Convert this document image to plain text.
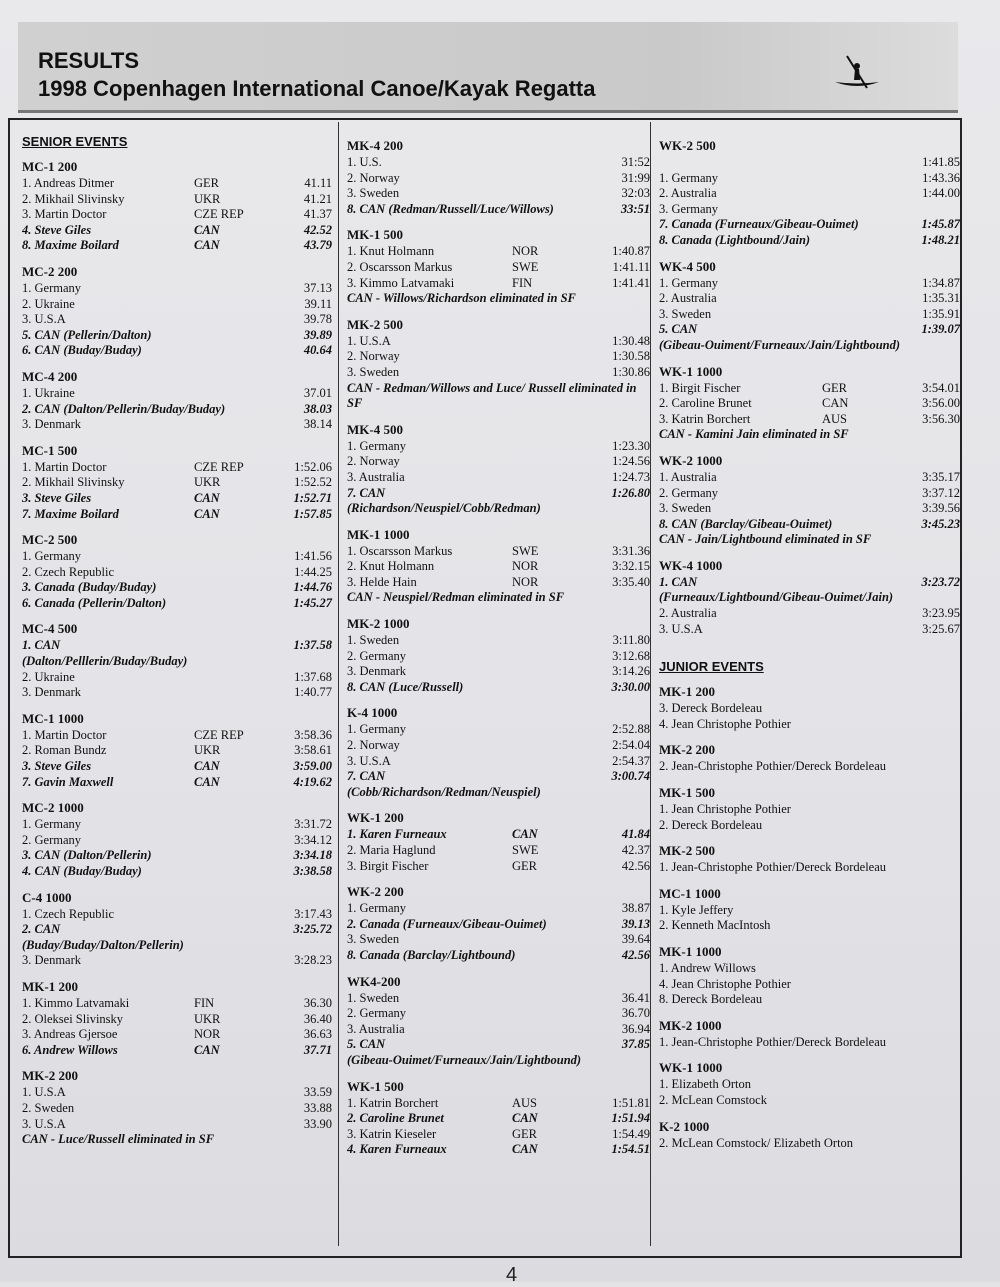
RESULTS
1998 Copenhagen International Canoe/Kayak Regatta
SENIOR EVENTS
MC-1 200
1. Andreas Ditmer	GER	41.11
2. Mikhail Slivinsky	UKR	41.21
3. Martin Doctor	CZE REP	41.37
4. Steve Giles	CAN	42.52
8. Maxime Boilard	CAN	43.79
MC-2 200
1. Germany	37.13
2. Ukraine	39.11
3. U.S.A	39.78
5. CAN (Pellerin/Dalton)	39.89
6. CAN (Buday/Buday)	40.64
MC-4 200
1. Ukraine	37.01
2. CAN (Dalton/Pellerin/Buday/Buday)	38.03
3. Denmark	38.14
MC-1 500
1. Martin Doctor	CZE REP	1:52.06
2. Mikhail Slivinsky	UKR	1:52.52
3. Steve Giles	CAN	1:52.71
7. Maxime Boilard	CAN	1:57.85
MC-2 500
1. Germany	1:41.56
2. Czech Republic	1:44.25
3. Canada (Buday/Buday)	1:44.76
6. Canada (Pellerin/Dalton)	1:45.27
MC-4 500
1. CAN	1:37.58
(Dalton/Pelllerin/Buday/Buday)
2. Ukraine	1:37.68
3. Denmark	1:40.77
MC-1 1000
1. Martin Doctor	CZE REP	3:58.36
2. Roman Bundz	UKR	3:58.61
3. Steve Giles	CAN	3:59.00
7. Gavin Maxwell	CAN	4:19.62
MC-2 1000
1. Germany	3:31.72
2. Germany	3:34.12
3. CAN (Dalton/Pellerin)	3:34.18
4. CAN (Buday/Buday)	3:38.58
C-4 1000
1. Czech Republic	3:17.43
2. CAN	3:25.72
(Buday/Buday/Dalton/Pellerin)
3. Denmark	3:28.23
MK-1 200
1. Kimmo Latvamaki	FIN	36.30
2. Oleksei Slivinsky	UKR	36.40
3. Andreas Gjersoe	NOR	36.63
6. Andrew Willows	CAN	37.71
MK-2 200
1. U.S.A	33.59
2. Sweden	33.88
3. U.S.A	33.90
CAN - Luce/Russell eliminated in SF
MK-4 200
1. U.S.	31:52
2. Norway	31:99
3. Sweden	32:03
8. CAN (Redman/Russell/Luce/Willows)	33:51
MK-1 500
1. Knut Holmann	NOR	1:40.87
2. Oscarsson Markus	SWE	1:41.11
3. Kimmo Latvamaki	FIN	1:41.41
CAN - Willows/Richardson eliminated in SF
MK-2 500
1. U.S.A	1:30.48
2. Norway	1:30.58
3. Sweden	1:30.86
CAN - Redman/Willows and Luce/ Russell eliminated in SF
MK-4 500
1. Germany	1:23.30
2. Norway	1:24.56
3. Australia	1:24.73
7. CAN	1:26.80
(Richardson/Neuspiel/Cobb/Redman)
MK-1 1000
1. Oscarsson Markus	SWE	3:31.36
2. Knut Holmann	NOR	3:32.15
3. Helde Hain	NOR	3:35.40
CAN - Neuspiel/Redman eliminated in SF
MK-2 1000
1. Sweden	3:11.80
2. Germany	3:12.68
3. Denmark	3:14.26
8. CAN (Luce/Russell)	3:30.00
K-4 1000
1. Germany	2:52.88
2. Norway	2:54.04
3. U.S.A	2:54.37
7. CAN	3:00.74
(Cobb/Richardson/Redman/Neuspiel)
WK-1 200
1. Karen Furneaux	CAN	41.84
2. Maria Haglund	SWE	42.37
3. Birgit Fischer	GER	42.56
WK-2 200
1. Germany	38.87
2. Canada (Furneaux/Gibeau-Ouimet)	39.13
3. Sweden	39.64
8. Canada (Barclay/Lightbound)	42.56
WK4-200
1. Sweden	36.41
2. Germany	36.70
3. Australia	36.94
5. CAN	37.85
(Gibeau-Ouimet/Furneaux/Jain/Lightbound)
WK-1 500
1. Katrin Borchert	AUS	1:51.81
2. Caroline Brunet	CAN	1:51.94
3. Katrin Kieseler	GER	1:54.49
4. Karen Furneaux	CAN	1:54.51
WK-2 500
1:41.85
1. Germany	1:43.36
2. Australia	1:44.00
3. Germany
7. Canada (Furneaux/Gibeau-Ouimet)	1:45.87
8. Canada (Lightbound/Jain)	1:48.21
WK-4 500
1. Germany	1:34.87
2. Australia	1:35.31
3. Sweden	1:35.91
5. CAN	1:39.07
(Gibeau-Ouiment/Furneaux/Jain/Lightbound)
WK-1 1000
1. Birgit Fischer	GER	3:54.01
2. Caroline Brunet	CAN	3:56.00
3. Katrin Borchert	AUS	3:56.30
CAN - Kamini Jain eliminated in SF
WK-2 1000
1. Australia	3:35.17
2. Germany	3:37.12
3. Sweden	3:39.56
8. CAN (Barclay/Gibeau-Ouimet)	3:45.23
CAN - Jain/Lightbound eliminated in SF
WK-4 1000
1. CAN	3:23.72
(Furneaux/Lightbound/Gibeau-Ouimet/Jain)
2. Australia	3:23.95
3. U.S.A	3:25.67
JUNIOR EVENTS
MK-1 200
3. Dereck Bordeleau
4. Jean Christophe Pothier
MK-2 200
2. Jean-Christophe Pothier/Dereck Bordeleau
MK-1 500
1. Jean Christophe Pothier
2. Dereck Bordeleau
MK-2 500
1. Jean-Christophe Pothier/Dereck Bordeleau
MC-1 1000
1. Kyle Jeffery
2. Kenneth MacIntosh
MK-1 1000
1. Andrew Willows
4. Jean Christophe Pothier
8. Dereck Bordeleau
MK-2 1000
1. Jean-Christophe Pothier/Dereck Bordeleau
WK-1 1000
1. Elizabeth Orton
2. McLean Comstock
K-2 1000
2. McLean Comstock/ Elizabeth Orton
4
